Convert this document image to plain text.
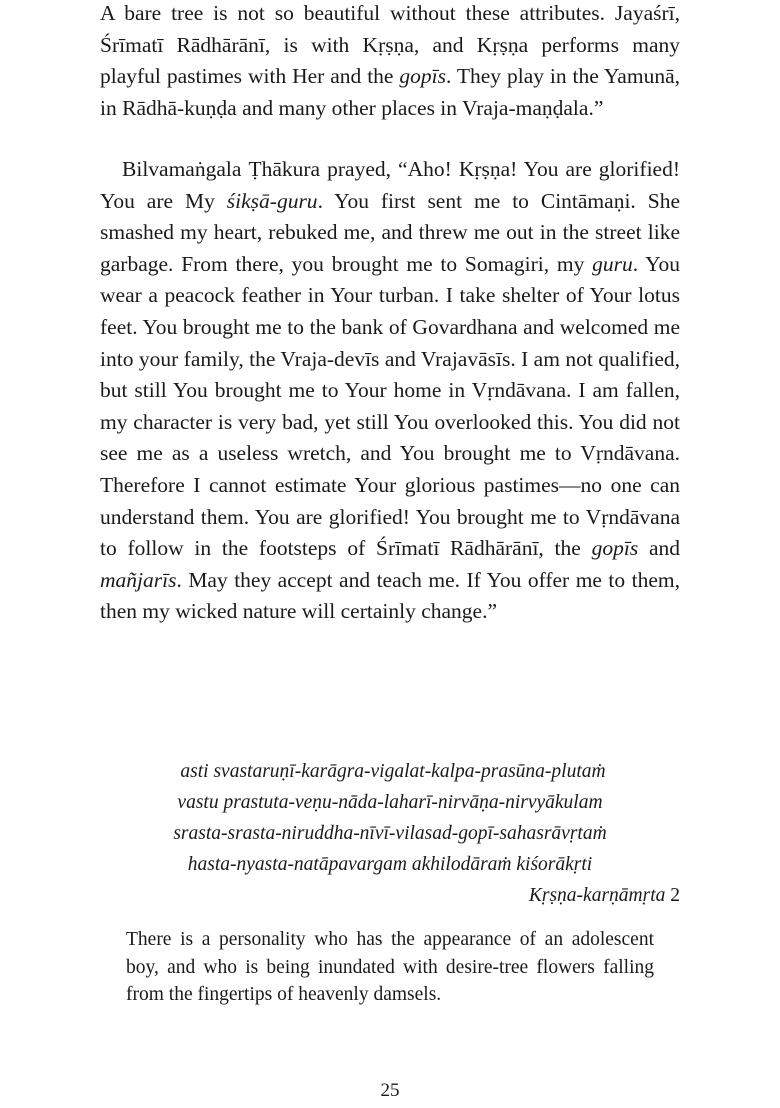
A bare tree is not so beautiful without these attributes. Jayaśrī, Śrīmatī Rādhārānī, is with Kṛṣṇa, and Kṛṣṇa performs many playful pastimes with Her and the gopīs. They play in the Yamunā, in Rādhā-kuṇḍa and many other places in Vraja-maṇḍala.”

Bilvamaṅgala Ṭhākura prayed, “Aho! Kṛṣṇa! You are glorified! You are My śikṣā-guru. You first sent me to Cintāmaṇi. She smashed my heart, rebuked me, and threw me out in the street like garbage. From there, you brought me to Somagiri, my guru. You wear a peacock feather in Your turban. I take shelter of Your lotus feet. You brought me to the bank of Govardhana and welcomed me into your family, the Vraja-devīs and Vrajavāsīs. I am not qualified, but still You brought me to Your home in Vṛndāvana. I am fallen, my character is very bad, yet still You overlooked this. You did not see me as a useless wretch, and You brought me to Vṛndāvana. Therefore I cannot estimate Your glorious pastimes—no one can understand them. You are glorified! You brought me to Vṛndāvana to follow in the footsteps of Śrīmatī Rādhārānī, the gopīs and mañjarīs. May they accept and teach me. If You offer me to them, then my wicked nature will certainly change.”

asti svastaruṇī-karāgra-vigalat-kalpa-prasūna-plutaṁ
vastu prastuta-veṇu-nāda-laharī-nirvāṇa-nirvyākulam
srasta-srasta-niruddha-nīvī-vilasad-gopī-sahasrāvṛtaṁ
hasta-nyasta-natāpavargam akhilodāraṁ kiśorākṛti
Kṛṣṇa-karṇāmṛta 2

There is a personality who has the appearance of an adolescent boy, and who is being inundated with desire-tree flowers falling from the fingertips of heavenly damsels.

25
